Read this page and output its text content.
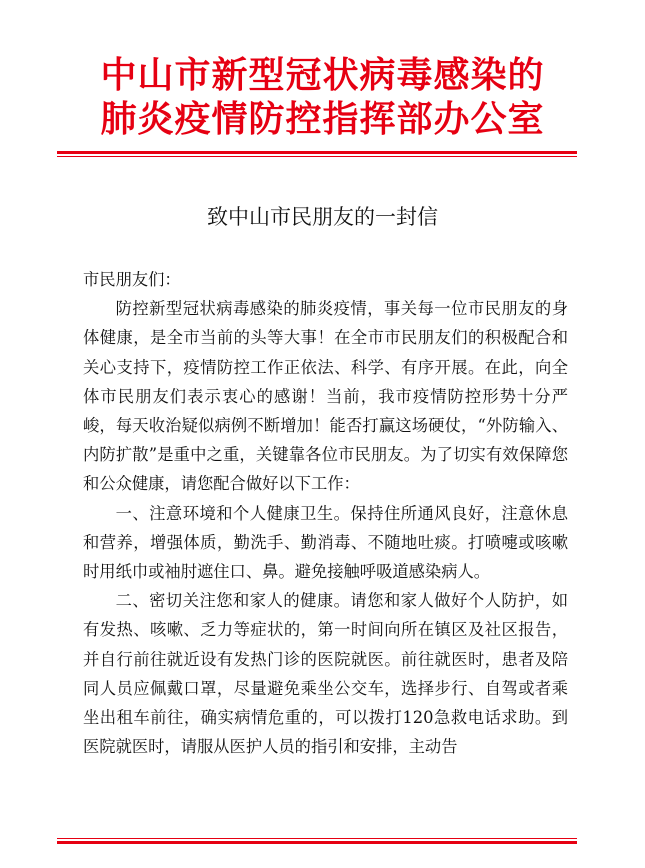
中山市新型冠状病毒感染的
肺炎疫情防控指挥部办公室
致中山市民朋友的一封信

市民朋友们：

防控新型冠状病毒感染的肺炎疫情，事关每一位市民朋友的身体健康，是全市当前的头等大事！在全市市民朋友们的积极配合和关心支持下，疫情防控工作正依法、科学、有序开展。在此，向全体市民朋友们表示衷心的感谢！当前，我市疫情防控形势十分严峻，每天收治疑似病例不断增加！能否打赢这场硬仗，“外防输入、内防扩散”是重中之重，关键靠各位市民朋友。为了切实有效保障您和公众健康，请您配合做好以下工作：

一、注意环境和个人健康卫生。保持住所通风良好，注意休息和营养，增强体质，勤洗手、勤消毒、不随地吐痰。打喷嚏或咳嗽时用纸巾或袖肘遮住口、鼻。避免接触呼吸道感染病人。

二、密切关注您和家人的健康。请您和家人做好个人防护，如有发热、咳嗽、乏力等症状的，第一时间向所在镇区及社区报告，并自行前往就近设有发热门诊的医院就医。前往就医时，患者及陪同人员应佩戴口罩，尽量避免乘坐公交车，选择步行、自驾或者乘坐出租车前往，确实病情危重的，可以拨打120急救电话求助。到医院就医时，请服从医护人员的指引和安排，主动告
